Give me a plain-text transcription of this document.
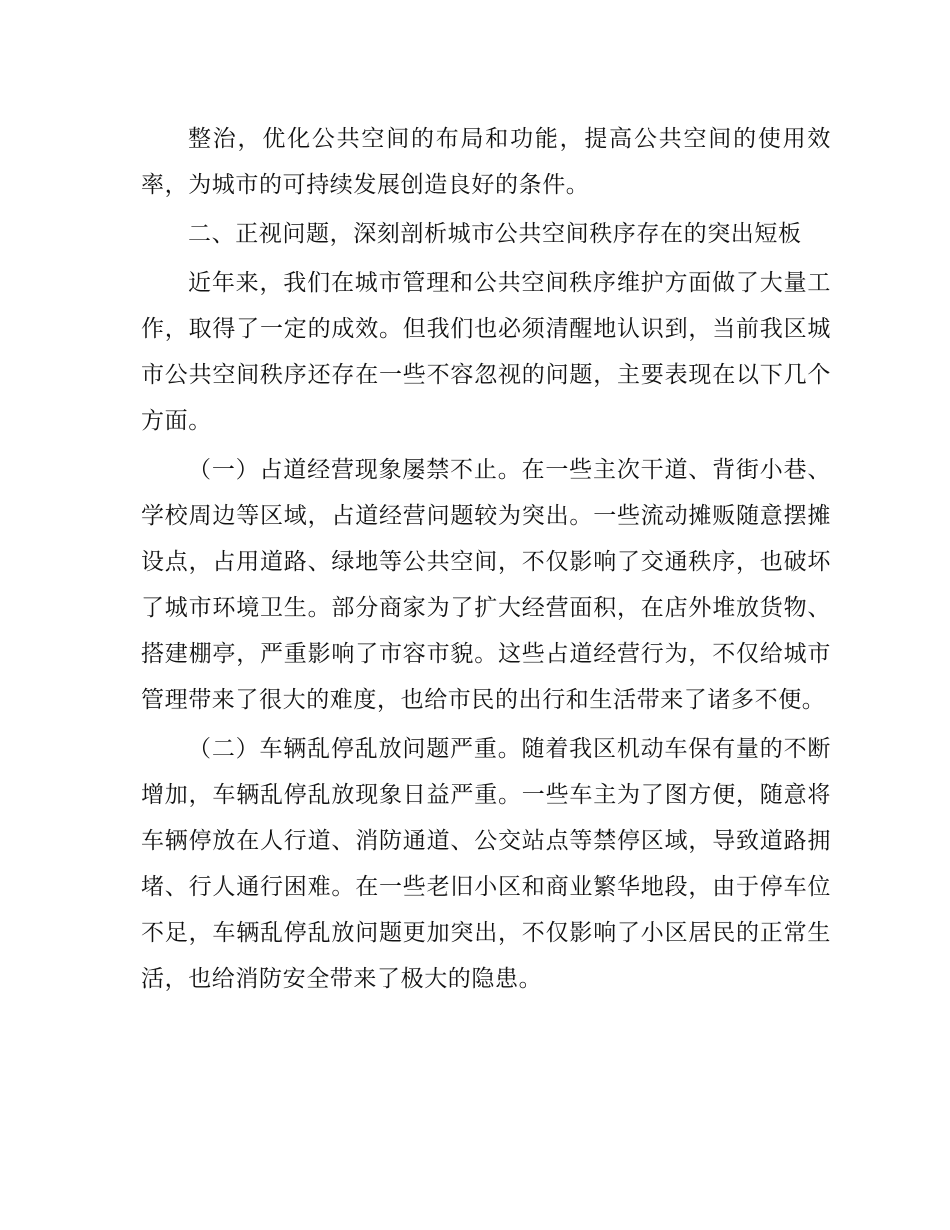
整治，优化公共空间的布局和功能，提高公共空间的使用效率，为城市的可持续发展创造良好的条件。

二、正视问题，深刻剖析城市公共空间秩序存在的突出短板

近年来，我们在城市管理和公共空间秩序维护方面做了大量工作，取得了一定的成效。但我们也必须清醒地认识到，当前我区城市公共空间秩序还存在一些不容忽视的问题，主要表现在以下几个方面。

（一）占道经营现象屡禁不止。在一些主次干道、背街小巷、学校周边等区域，占道经营问题较为突出。一些流动摊贩随意摆摊设点，占用道路、绿地等公共空间，不仅影响了交通秩序，也破坏了城市环境卫生。部分商家为了扩大经营面积，在店外堆放货物、搭建棚亭，严重影响了市容市貌。这些占道经营行为，不仅给城市管理带来了很大的难度，也给市民的出行和生活带来了诸多不便。

（二）车辆乱停乱放问题严重。随着我区机动车保有量的不断增加，车辆乱停乱放现象日益严重。一些车主为了图方便，随意将车辆停放在人行道、消防通道、公交站点等禁停区域，导致道路拥堵、行人通行困难。在一些老旧小区和商业繁华地段，由于停车位不足，车辆乱停乱放问题更加突出，不仅影响了小区居民的正常生活，也给消防安全带来了极大的隐患。
